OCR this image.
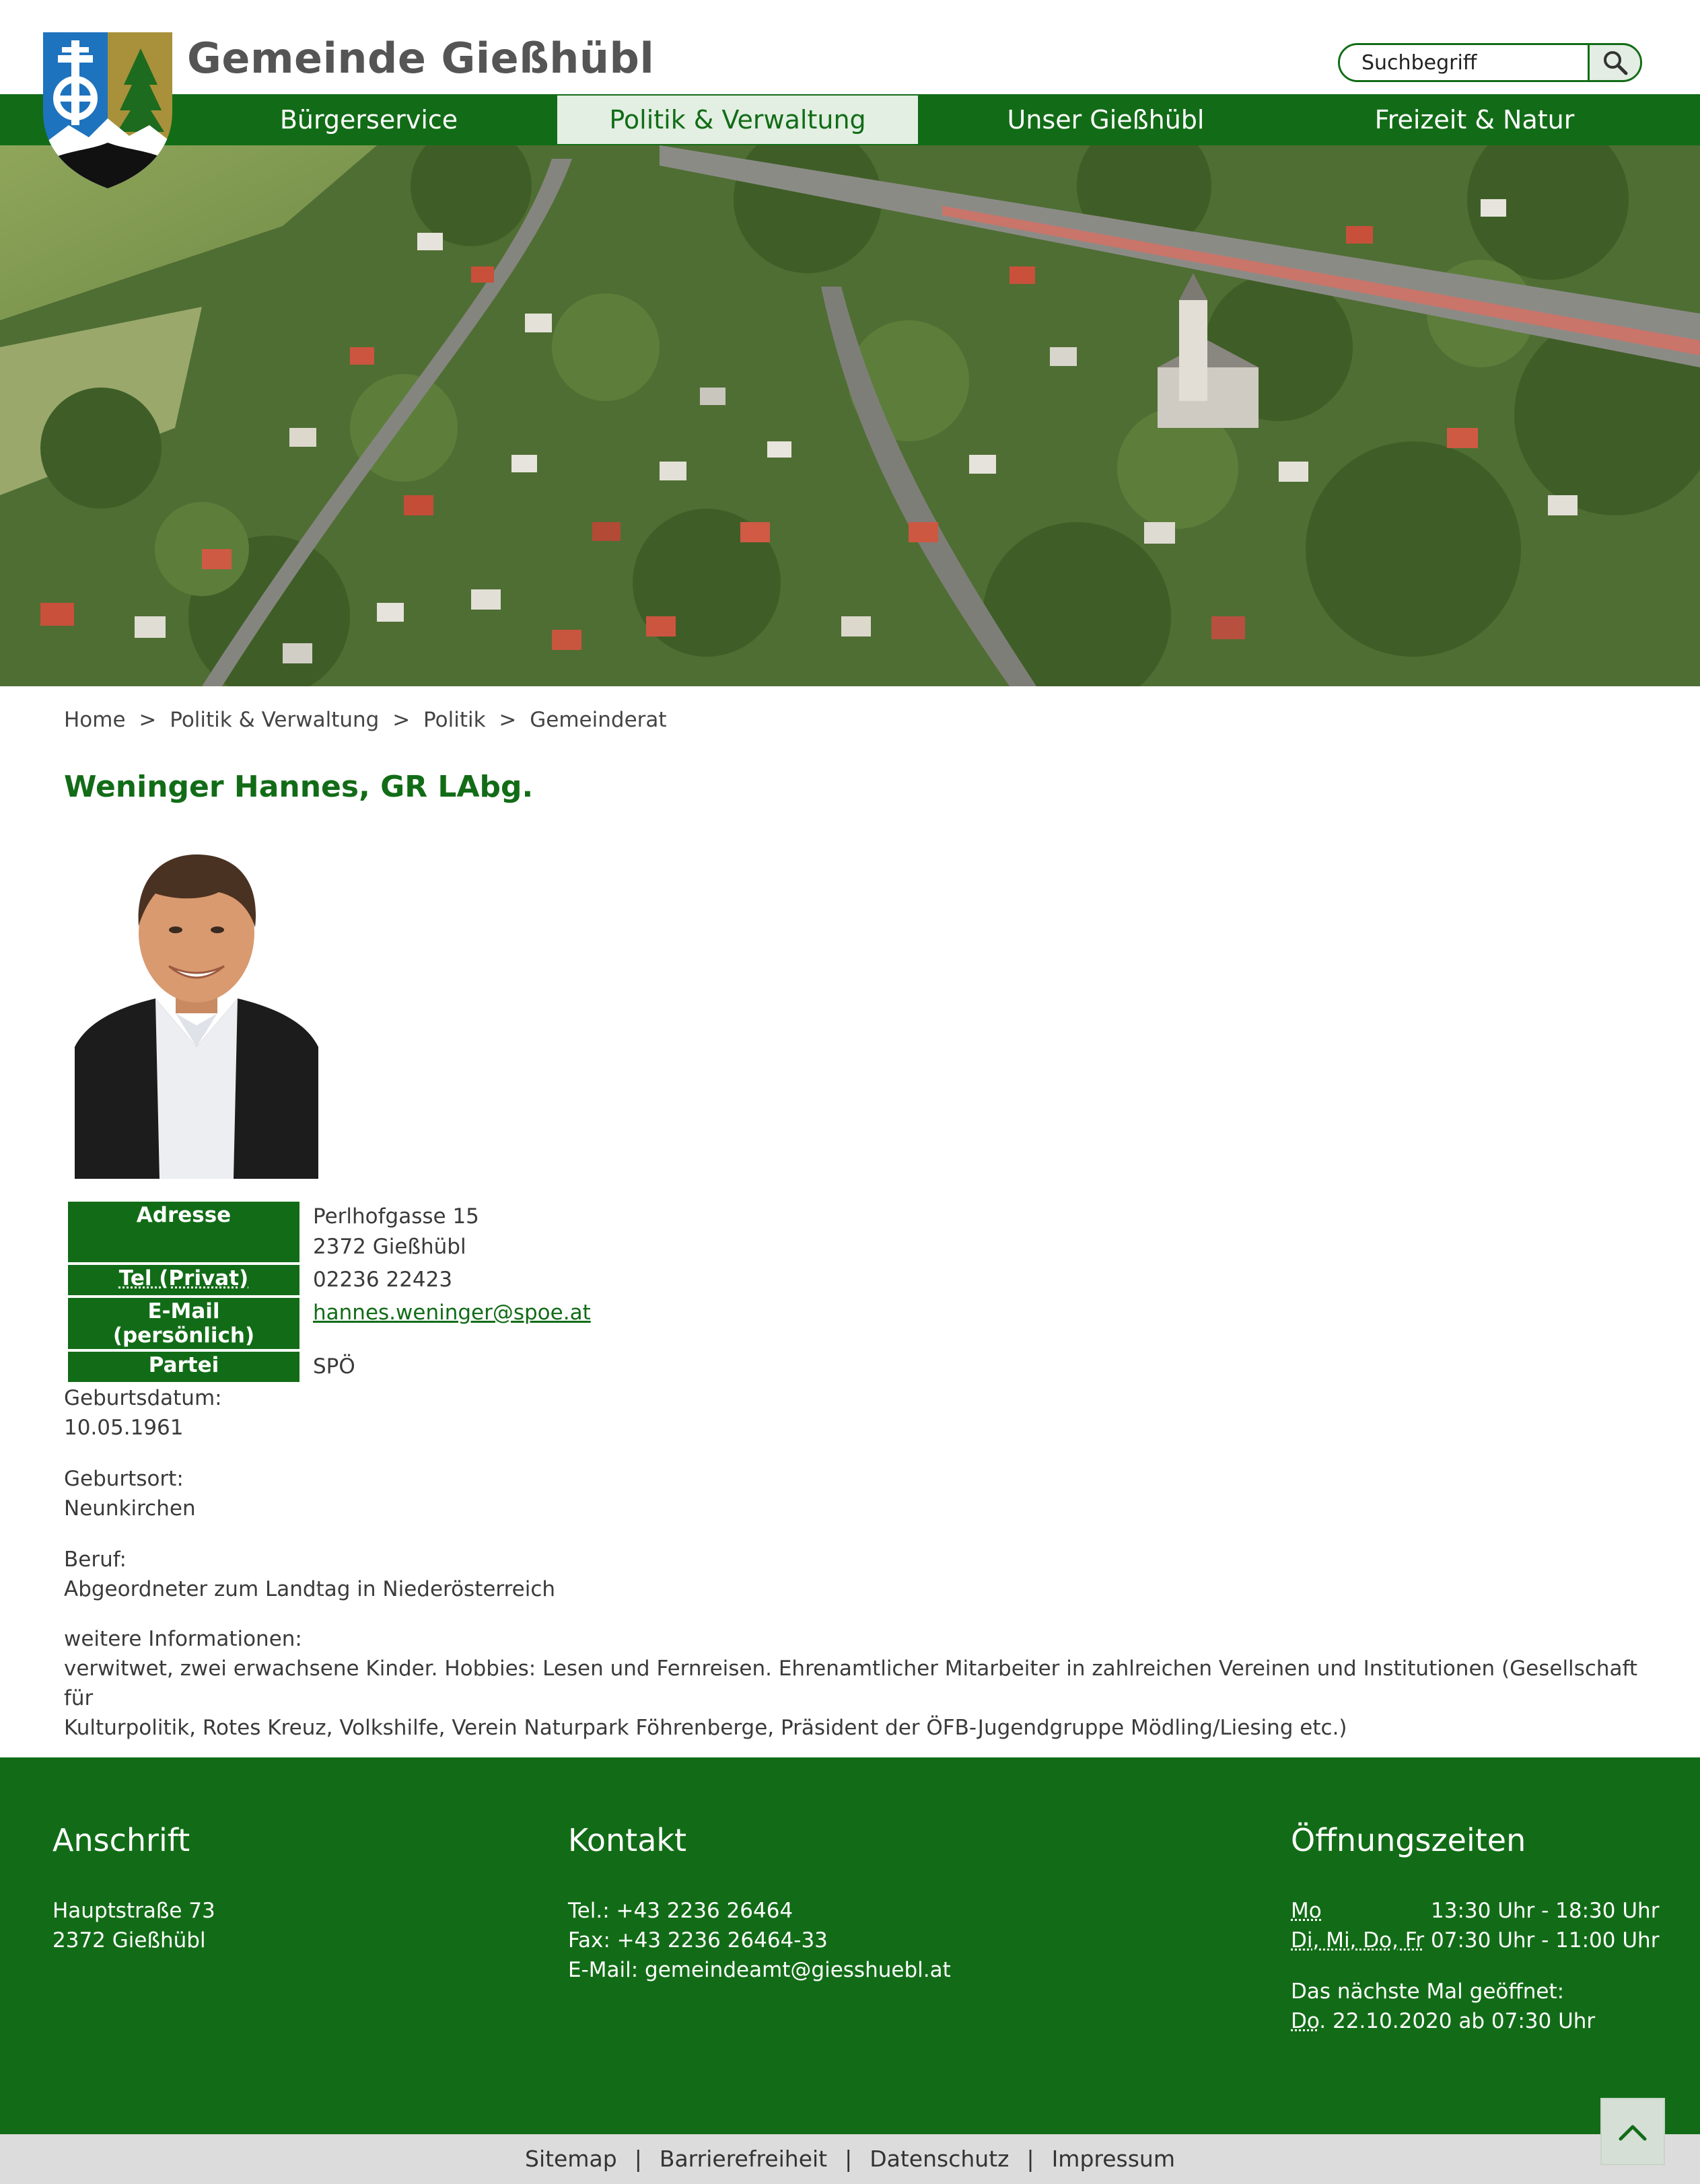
Gemeinde Gießhübl
Suchbegriff
Bürgerservice	Politik & Verwaltung	Unser Gießhübl	Freizeit & Natur
Home > Politik & Verwaltung > Politik > Gemeinderat
Weninger Hannes, GR LAbg.
Adresse	Perlhofgasse 15
2372 Gießhübl

Tel (Privat)	02236 22423
E-Mail (persönlich)	hannes.weninger@spoe.at
Partei	SPÖ
Geburtsdatum:
10.05.1961
Geburtsort:
Neunkirchen
Beruf:
Abgeordneter zum Landtag in Niederösterreich
weitere Informationen:
verwitwet, zwei erwachsene Kinder. Hobbies: Lesen und Fernreisen. Ehrenamtlicher Mitarbeiter in zahlreichen Vereinen und Institutionen (Gesellschaft für
Kulturpolitik, Rotes Kreuz, Volkshilfe, Verein Naturpark Föhrenberge, Präsident der ÖFB-Jugendgruppe Mödling/Liesing etc.)
Anschrift
Hauptstraße 73
2372 Gießhübl
Kontakt
Tel.: +43 2236 26464
Fax: +43 2236 26464-33
E-Mail: gemeindeamt@giesshuebl.at
Öffnungszeiten
Mo	13:30 Uhr - 18:30 Uhr
Di, Mi, Do, Fr 07:30 Uhr - 11:00 Uhr
Das nächste Mal geöffnet:
Do. 22.10.2020 ab 07:30 Uhr
Sitemap | Barrierefreiheit | Datenschutz | Impressum
